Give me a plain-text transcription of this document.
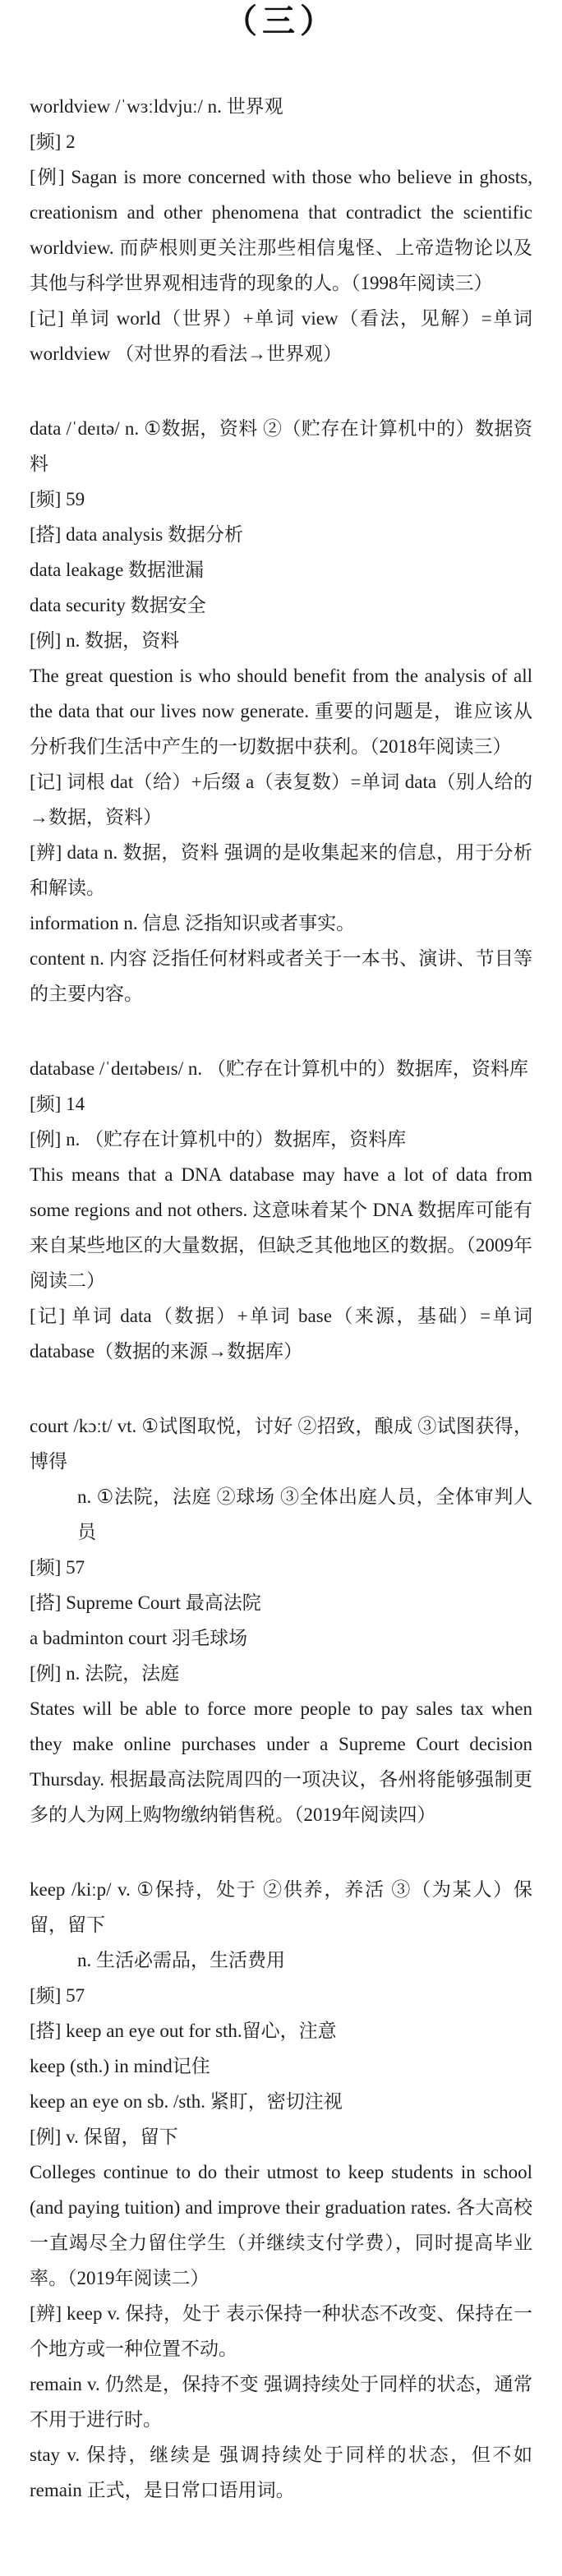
（三）
worldview /ˈwɜːldvjuː/ n. 世界观
[频] 2
[例] Sagan is more concerned with those who believe in ghosts, creationism and other phenomena that contradict the scientific worldview. 而萨根则更关注那些相信鬼怪、上帝造物论以及其他与科学世界观相违背的现象的人。（1998年阅读三）
[记] 单词 world（世界）+单词 view（看法，见解）=单词 worldview （对世界的看法→世界观）
data /ˈdeɪtə/ n. ①数据，资料 ②（贮存在计算机中的）数据资料
[频] 59
[搭] data analysis 数据分析
data leakage 数据泄漏
data security 数据安全
[例] n. 数据，资料
The great question is who should benefit from the analysis of all the data that our lives now generate. 重要的问题是，谁应该从分析我们生活中产生的一切数据中获利。（2018年阅读三）
[记] 词根 dat（给）+后缀 a（表复数）=单词 data（别人给的→数据，资料）
[辨] data n. 数据，资料 强调的是收集起来的信息，用于分析和解读。
information n. 信息 泛指知识或者事实。
content n. 内容 泛指任何材料或者关于一本书、演讲、节目等的主要内容。
database /ˈdeɪtəbeɪs/ n. （贮存在计算机中的）数据库，资料库
[频] 14
[例] n. （贮存在计算机中的）数据库，资料库
This means that a DNA database may have a lot of data from some regions and not others. 这意味着某个 DNA 数据库可能有来自某些地区的大量数据，但缺乏其他地区的数据。（2009年阅读二）
[记] 单词 data（数据）+单词 base（来源，基础）=单词 database（数据的来源→数据库）
court /kɔːt/ vt. ①试图取悦，讨好 ②招致，酿成 ③试图获得，博得
n. ①法院，法庭 ②球场 ③全体出庭人员，全体审判人员
[频] 57
[搭] Supreme Court 最高法院
a badminton court 羽毛球场
[例] n. 法院，法庭
States will be able to force more people to pay sales tax when they make online purchases under a Supreme Court decision Thursday. 根据最高法院周四的一项决议，各州将能够强制更多的人为网上购物缴纳销售税。（2019年阅读四）
keep /kiːp/ v. ①保持，处于 ②供养，养活 ③（为某人）保留，留下
n. 生活必需品，生活费用
[频] 57
[搭] keep an eye out for sth.留心，注意
keep (sth.) in mind记住
keep an eye on sb. /sth. 紧盯，密切注视
[例] v. 保留，留下
Colleges continue to do their utmost to keep students in school (and paying tuition) and improve their graduation rates. 各大高校一直竭尽全力留住学生（并继续支付学费），同时提高毕业率。（2019年阅读二）
[辨] keep v. 保持，处于 表示保持一种状态不改变、保持在一个地方或一种位置不动。
remain v. 仍然是，保持不变 强调持续处于同样的状态，通常不用于进行时。
stay v. 保持，继续是 强调持续处于同样的状态，但不如 remain 正式，是日常口语用词。
